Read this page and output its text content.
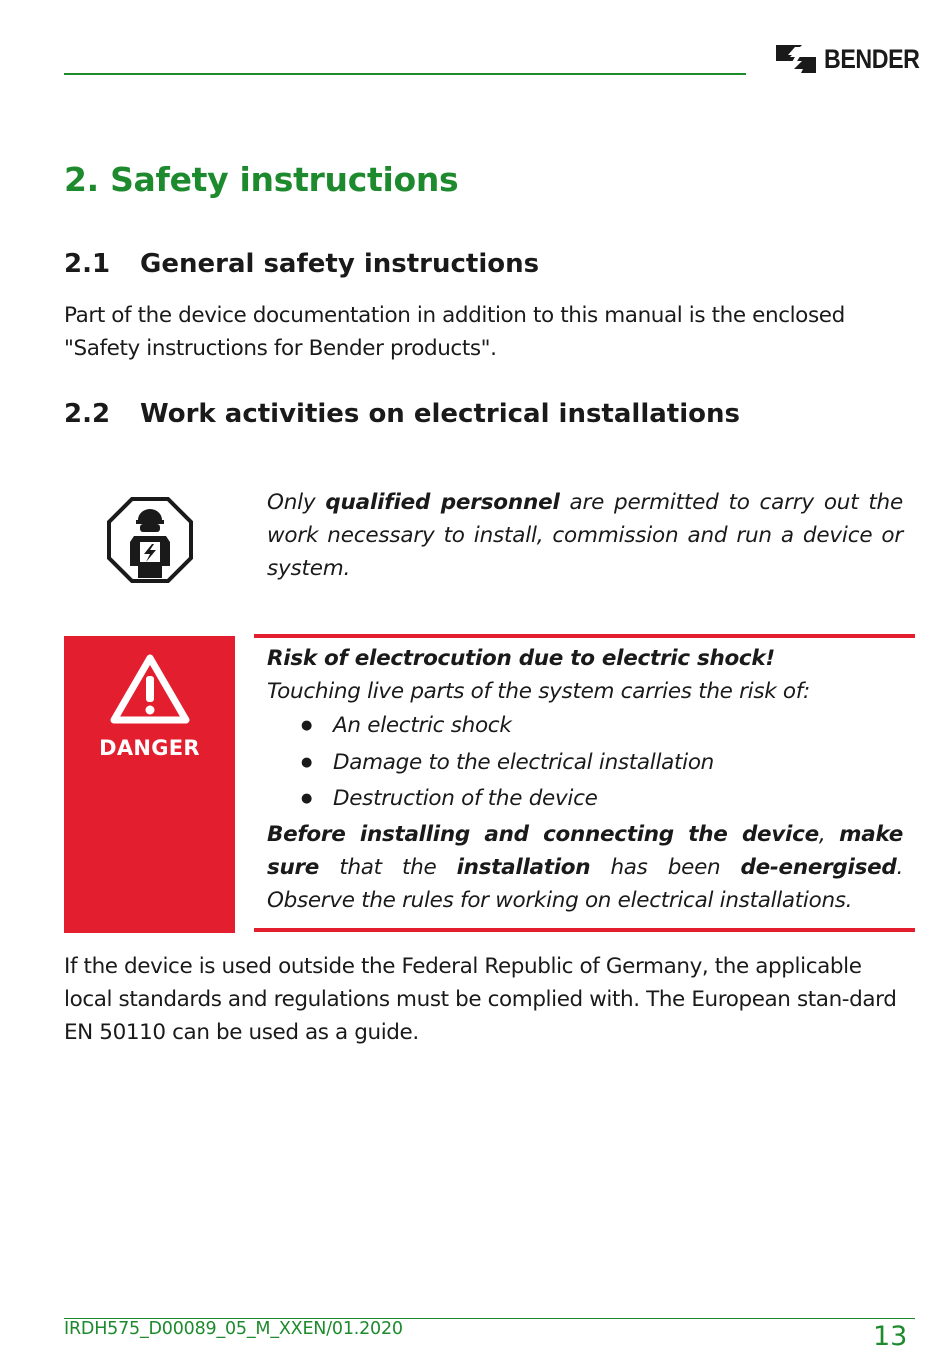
BENDER
2. Safety instructions
2.1	General safety instructions
Part of the device documentation in addition to this manual is the enclosed "Safety instructions for Bender products".
2.2	Work activities on electrical installations
Only qualified personnel are permitted to carry out the work necessary to install, commission and run a device or system.
DANGER
Risk of electrocution due to electric shock!
Touching live parts of the system carries the risk of:
● An electric shock
● Damage to the electrical installation
● Destruction of the device
Before installing and connecting the device, make sure that the installation has been de-energised. Observe the rules for working on electrical installations.
If the device is used outside the Federal Republic of Germany, the applicable local standards and regulations must be complied with. The European stan-dard EN 50110 can be used as a guide.
IRDH575_D00089_05_M_XXEN/01.2020	13
